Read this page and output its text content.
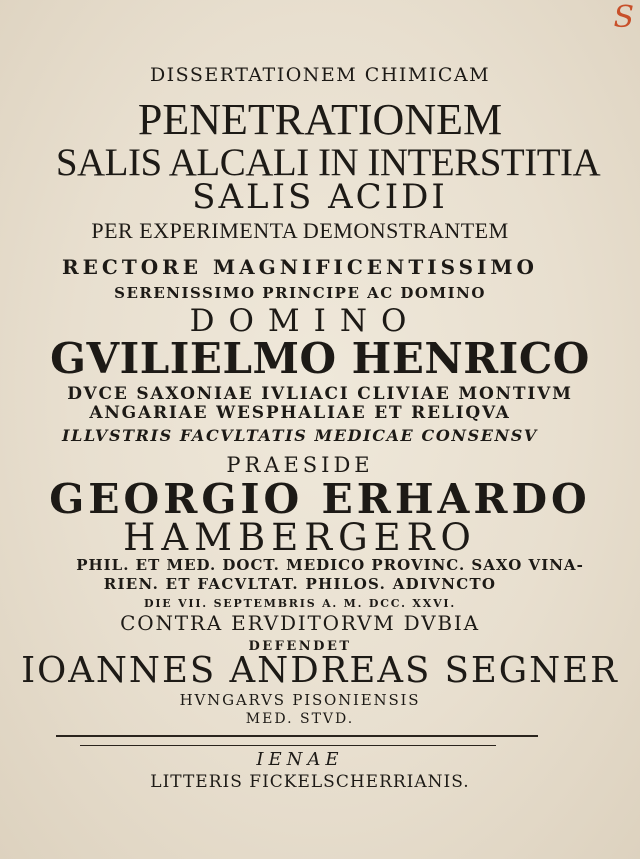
S
DISSERTATIONEM CHIMICAM
PENETRATIONEM
SALIS ALCALI IN INTERSTITIA
SALIS ACIDI
PER EXPERIMENTA DEMONSTRANTEM
RECTORE MAGNIFICENTISSIMO
SERENISSIMO PRINCIPE AC DOMINO
DOMINO
GVILIELMO HENRICO
DVCE SAXONIAE IVLIACI CLIVIAE MONTIVM
ANGARIAE WESPHALIAE ET RELIQVA
ILLVSTRIS FACVLTATIS MEDICAE CONSENSV
PRAESIDE
GEORGIO ERHARDO
HAMBERGERO
PHIL. ET MED. DOCT. MEDICO PROVINC. SAXO VINA-
RIEN. ET FACVLTAT. PHILOS. ADIVNCTO
DIE VII. SEPTEMBRIS A. M. DCC. XXVI.
CONTRA ERVDITORVM DVBIA
DEFENDET
IOANNES ANDREAS SEGNER
HVNGARVS PISONIENSIS
MED. STVD.
IENAE
LITTERIS FICKELSCHERRIANIS.
